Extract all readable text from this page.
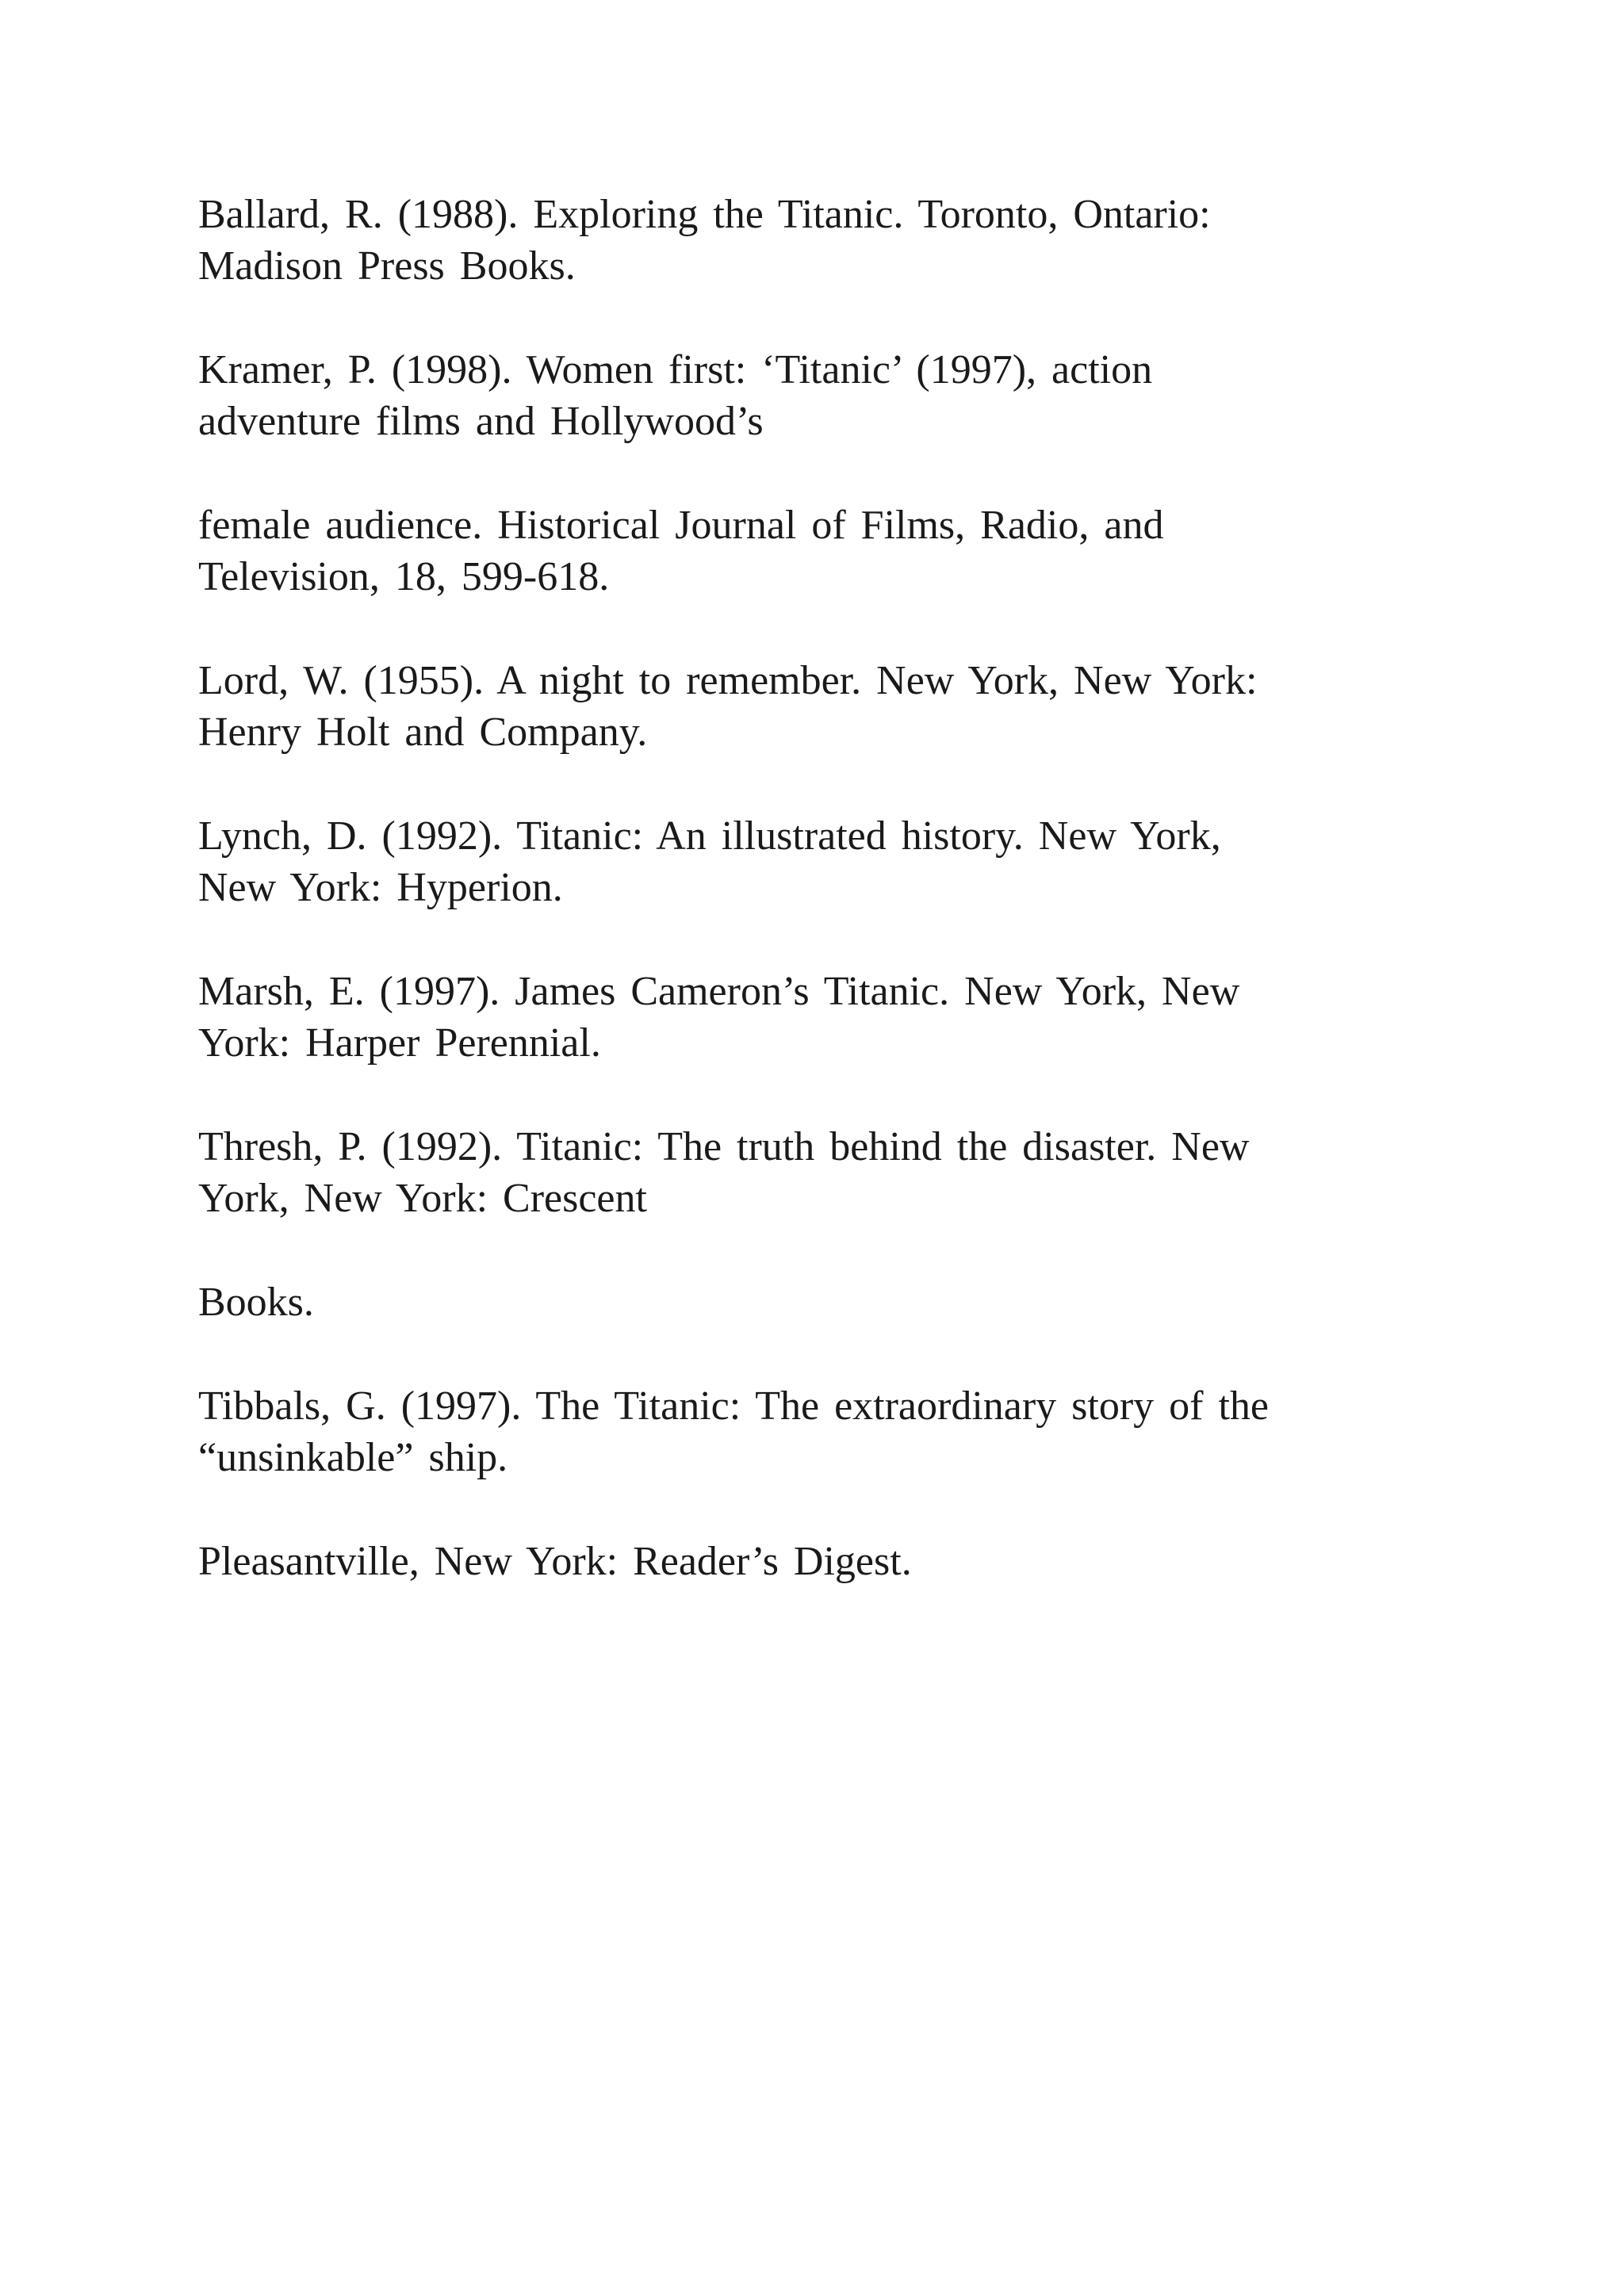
Ballard, R. (1988). Exploring the Titanic. Toronto, Ontario:
Madison Press Books.

Kramer, P. (1998). Women first: ‘Titanic’ (1997), action
adventure films and Hollywood’s

female audience. Historical Journal of Films, Radio, and
Television, 18, 599-618.

Lord, W. (1955). A night to remember. New York, New York:
Henry Holt and Company.

Lynch, D. (1992). Titanic: An illustrated history. New York,
New York: Hyperion.

Marsh, E. (1997). James Cameron’s Titanic. New York, New
York: Harper Perennial.

Thresh, P. (1992). Titanic: The truth behind the disaster. New
York, New York: Crescent

Books.

Tibbals, G. (1997). The Titanic: The extraordinary story of the
“unsinkable” ship.

Pleasantville, New York: Reader’s Digest.
